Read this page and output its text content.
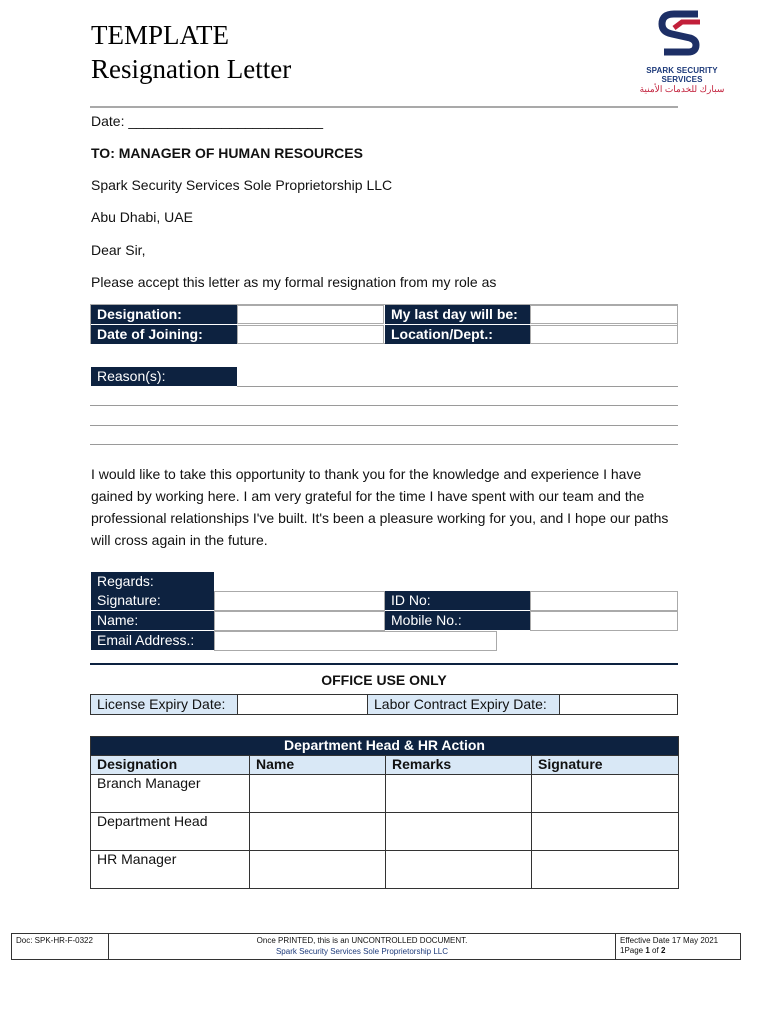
TEMPLATE
Resignation Letter	SPARK SECURITY SERVICES
سبارك للخدمات الأمنية
Date: _________________________
TO: MANAGER OF HUMAN RESOURCES
Spark Security Services Sole Proprietorship LLC
Abu Dhabi, UAE
Dear Sir,
Please accept this letter as my formal resignation from my role as
Designation:	My last day will be:
Date of Joining:	Location/Dept.:
Reason(s):
I would like to take this opportunity to thank you for the knowledge and experience I have gained by working here. I am very grateful for the time I have spent with our team and the professional relationships I've built. It's been a pleasure working for you, and I hope our paths will cross again in the future.
Regards:
Signature:	ID No:
Name:	Mobile No.:
Email Address.:
OFFICE USE ONLY
License Expiry Date:	Labor Contract Expiry Date:
Department Head & HR Action			
Designation	Name	Remarks	Signature
Branch Manager			
Department Head			
HR Manager			
Doc: SPK-HR-F-0322	Once PRINTED, this is an UNCONTROLLED DOCUMENT.
Spark Security Services Sole Proprietorship LLC

Effective Date 17 May 2021
1Page 1 of 2
